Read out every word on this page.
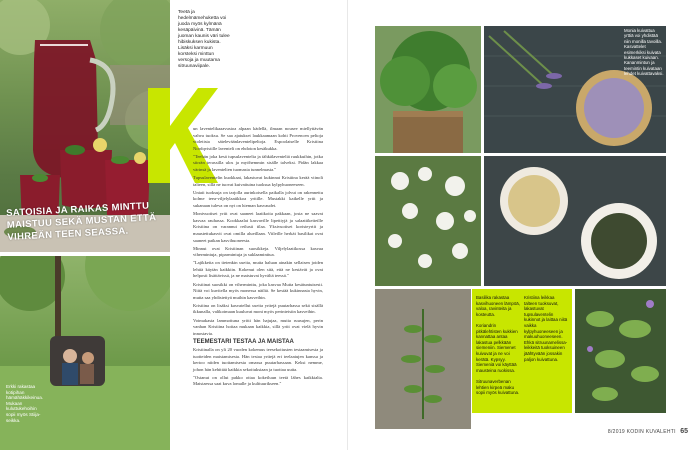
Teetä ja hedelmämehuketta voi juoda myös kylmänä kesäpäivinä. Tämän juoman kaunis väri tulee hibiskuksen kukista. Lisäksi karmuun korsteksi minttun versoja ja muutama sitruunaviipale.
SATOISIA JA RAIKAS MINTTU MAISTUU SEKÄ MUSTAN ETTÄ VIHREÄN TEEN SEASSA.
Erkki rakastaa kotipihan hämähäkkikeinua. Mukaan kuluttukehoihin sopii myös Stiija-seikka.

un laventelikaaavustoa alpaan kädellä, ilmaan nousee miellyttävän vahva tuoksu. Se saa ajatukset laukkaamaan kohti Provencen peltoja violetista säteleväänlaventelipeltoja. Espoolaiselle Kristiina Nordqvistille laventeli on ehdoton kesäkukka.

"Teehän joka kesä tupsulaventelia ja tähkälaventeliä ruukkuihin, jotka siirrän terassilla ulos ja myöhemmin sisälle talveksi. Pidän lakkaa värinsä ja laventelien tuomasta tunnelmasta."

Tupsulaventelin kuokkaat, lakastuvat kukinnat Kristiina kerää viinoli talteen, sillä ne tuovat kuivattuina tuoksua kylpyhuoneeseen.

Uniaii tuoksuja on tarjolla aurinkoisella paikalla jolvut on rakennettu kolme teea-viljelylaatikkoa yrttille. Mustakki kaikelle yrtit ja sukanaan tuleva on nyt on hieman kasvaudet.

Monivuotiset yrtit ovat saaneet laatikoita pakkaan, josta ne saavat kasvaa rauhassa. Kookkaalat kasvaville lipettiyjä ja salaattikeiteille Kristiina on varannut reilusti tilaa. Yksivuotiset koristeyrtit ja maustettukasvit ovat omilla alueillaan. Viileille herkät basilikat ovat saaneet paikan kasvihuoneesta.

Minnut ovat Kristiinan suosikkeja. Viljelylaatikossa kasvaa vihermintuja, piparmintuja ja suklaaminttua.

"Lajikkeita on tietenkin useita, mutta haluan ainakin sellaisen joiden lehtiä käytän kaikkiin. Kokenut olen sitä, että ne kestävät ja ovat helposti lisättävissä, ja ne maistuvat hyvältä teessä."

Kristiinat suosikki on viherminttu, joka kasvaa Mutta kesätuntuisesti. Niitä voi kuvitella myös monessa näiltä. Se kestää kukinnasta hyvin, mutta saa yhdistettyä muihin kasveihin.

Kristiina on lisäksi kasvatellut useita yrttejä puutarhassa sekä sisällä ikkunalla, valikoimaan kuuluvat moni myös perinteisiin kasveihin.

Voimakasta lammottuna yritti hän hajujaa, mutta ruusujen, perin vanhan Kristiina hoitaa mukaan kaikkia, sillä yrtit ovat vielä hyvin innostavia.

TEEMESTARI TESTAA JA MAISTAA

Kristiinalla on yli 20 vuoden kokemus teesekoitusten testaamisesta ja tuotteiden maistamisesta. Hän testaa yrttejä eri teelaatujen kanssa ja kertoo niiden tuottamisesta omassa puutarhassaan. Keksi nemme, johon hän kehittää kaikkia sekoituksiaan ja tuottaa uutta.

"Ostanut on ollut pakko ottaa kokeiluun teetä lähes kaikkialta. Maistaessa saat kuva lomalle ja kulttuurikseen."

Monia kuivattua yrttiä voi yhdistää niin monilla tavoilla. Kasvattelet esimerkiksi kuivata kukkaset kuivaan. Kananmintun ja teemintin kuivataan lehdet kuivattavaksi.
Basilika rakastaa kasvihuoneen lämpöä, valoa, ravinteita ja kosteutta.

Koriandrin pitkälehtisten kukkien kannattaa antaa lakastua pelkkään siemeniin. Siemenet kuivuvat ja ne voi kerätä. Kypsyy. Siemeniä voi käyttää mausteina ruokissa.

Sitruunaverbenan lehtien kirpeä maku sopii myös kuivattuna.
Kristiina leikkaa talteen tuoksuvat, lakastuvat tupsulaventelin kukinnot ja laittaa niitä vaikka kylpyhuoneeseen ja makuuhuoneeseen. Ehkä sitruunamelissa-leikkeitä tuoksuineen jäähtyvään jossakin paljon kuivattuna.
8/2019 KODIN KUVALEHTI 65
